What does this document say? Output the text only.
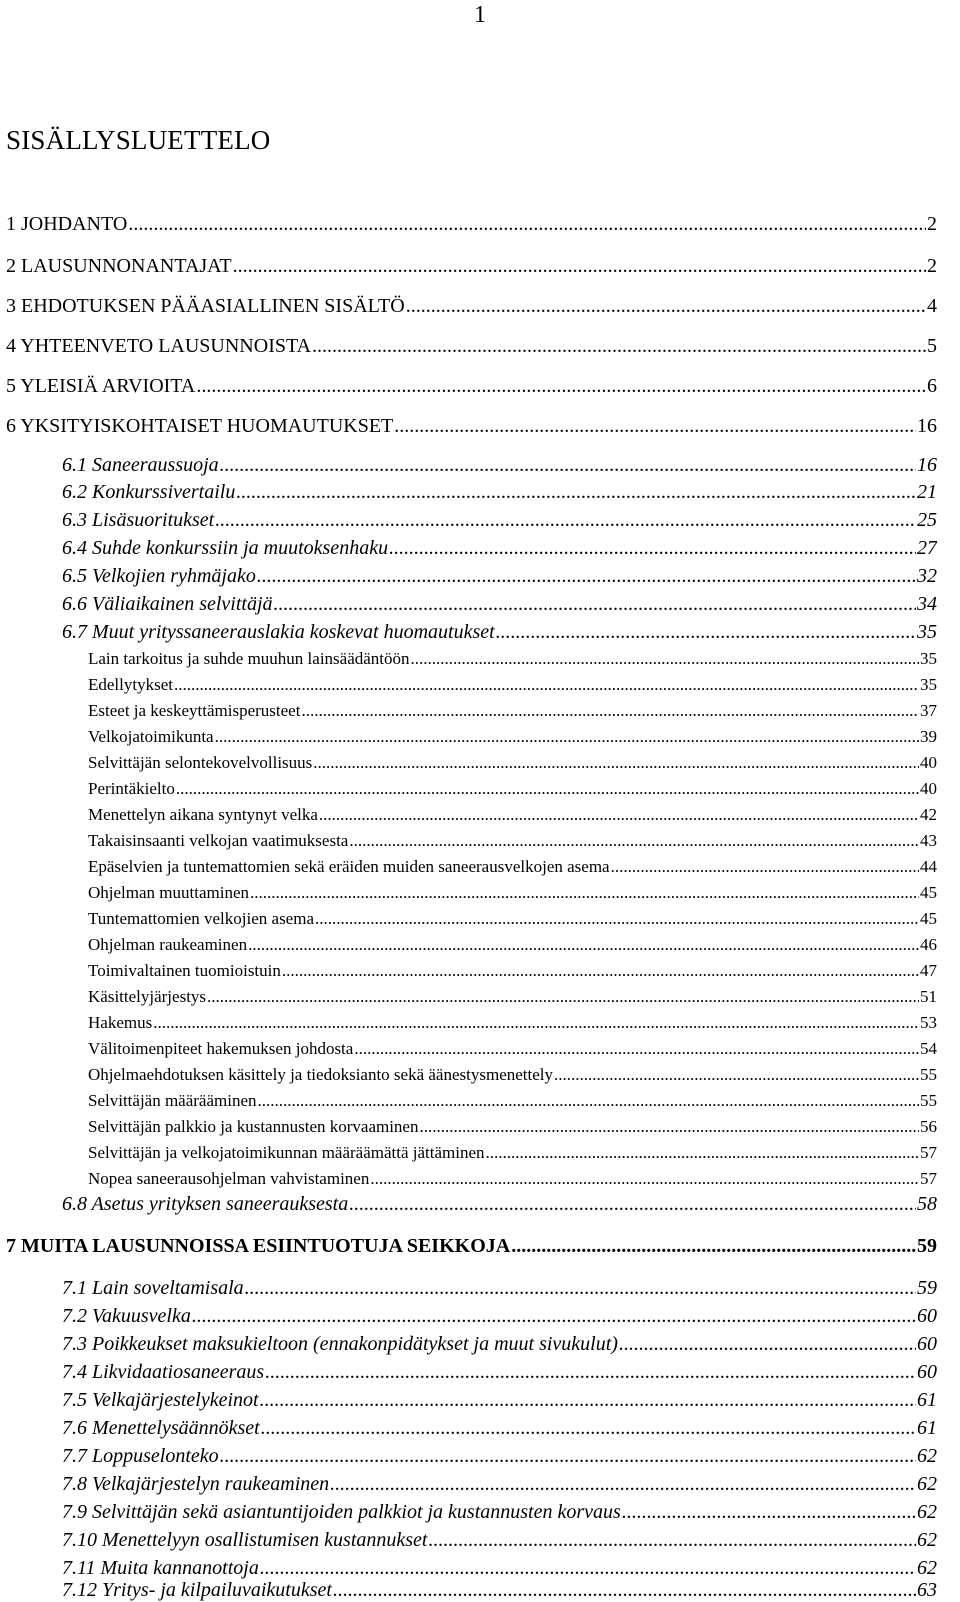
1
SISÄLLYSLUETTELO
1 JOHDANTO .....	2
2 LAUSUNNONANTAJAT .....	2
3 EHDOTUKSEN PÄÄASIALLINEN SISÄLTÖ .....	4
4 YHTEENVETO LAUSUNNOISTA .....	5
5 YLEISIÄ ARVIOITA .....	6
6 YKSITYISKOHTAISET HUOMAUTUKSET .....	16
6.1 Saneeraussuoja .....	16
6.2 Konkurssivertailu .....	21
6.3 Lisäsuoritukset .....	25
6.4 Suhde konkurssiin ja muutoksenhaku .....	27
6.5 Velkojien ryhmäjako .....	32
6.6 Väliaikainen selvittäjä .....	34
6.7 Muut yrityssaneerauslakia koskevat huomautukset .....	35
Lain tarkoitus ja suhde muuhun lainsäädäntöön .....	35
Edellytykset .....	35
Esteet ja keskeyttämisperusteet .....	37
Velkojatoimikunta .....	39
Selvittäjän selontekovelvollisuus .....	40
Perintäkielto .....	40
Menettelyn aikana syntynyt velka .....	42
Takaisinsaanti velkojan vaatimuksesta .....	43
Epäselvien ja tuntemattomien sekä eräiden muiden saneerausvelkojen asema .....	44
Ohjelman muuttaminen .....	45
Tuntemattomien velkojien asema .....	45
Ohjelman raukeaminen .....	46
Toimivaltainen tuomioistuin .....	47
Käsittelyjärjestys .....	51
Hakemus .....	53
Välitoimenpiteet hakemuksen johdosta .....	54
Ohjelmaehdotuksen käsittely ja tiedoksianto sekä äänestysmenettely .....	55
Selvittäjän määrääminen .....	55
Selvittäjän palkkio ja kustannusten korvaaminen .....	56
Selvittäjän ja velkojatoimikunnan määräämättä jättäminen .....	57
Nopea saneerausohjelman vahvistaminen .....	57
6.8 Asetus yrityksen saneerauksesta .....	58
7 MUITA LAUSUNNOISSA ESIINTUOTUJA SEIKKOJA .....	59
7.1 Lain soveltamisala .....	59
7.2 Vakuusvelka .....	60
7.3 Poikkeukset maksukieltoon (ennakonpidätykset ja muut sivukulut) .....	60
7.4 Likvidaatiosaneeraus .....	60
7.5 Velkajärjestelykeinot .....	61
7.6 Menettelysäännökset .....	61
7.7 Loppuselonteko .....	62
7.8 Velkajärjestelyn raukeaminen .....	62
7.9 Selvittäjän sekä asiantuntijoiden palkkiot ja kustannusten korvaus .....	62
7.10 Menettelyyn osallistumisen kustannukset .....	62
7.11 Muita kannanottoja .....	62
7.12 Yritys- ja kilpailuvaikutukset .....	63
